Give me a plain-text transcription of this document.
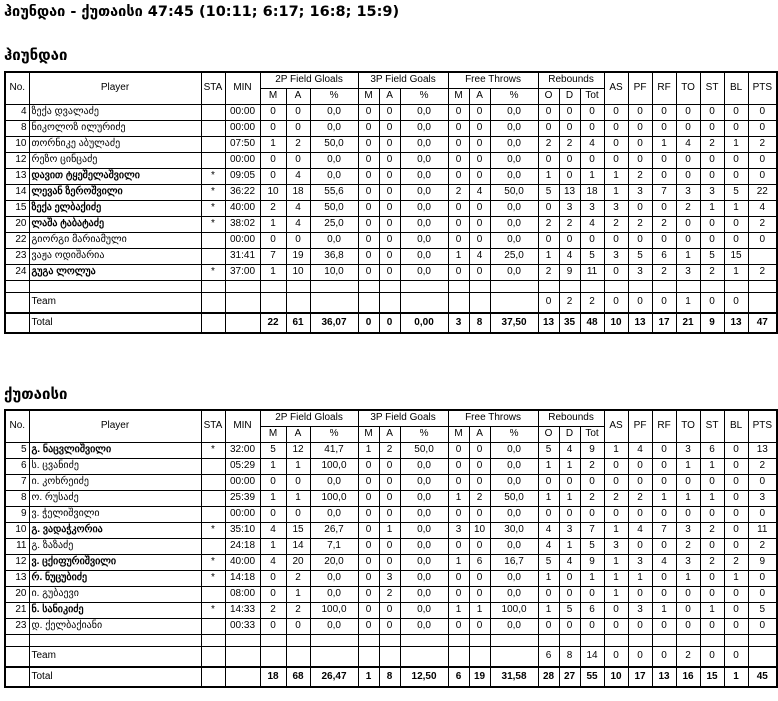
ჰიუნდაი - ქუთაისი 47:45 (10:11; 6:17; 16:8; 15:9)
ჰიუნდაი
No.	Player	STA	MIN	2P Field Gloals			3P Field Goals			Free Throws			Rebounds			AS	PF	RF	TO	ST	BL	PTS
				M	A	%	M	A	%	M	A	%	O	D	Tot							
4	ზექა დვალაძე		00:00	0	0	0,0	0	0	0,0	0	0	0,0	0	0	0	0	0	0	0	0	0	0
8	ნიკოლოზ ილურიძე		00:00	0	0	0,0	0	0	0,0	0	0	0,0	0	0	0	0	0	0	0	0	0	0
10	თორნიკე აბულაძე		07:50	1	2	50,0	0	0	0,0	0	0	0,0	2	2	4	0	0	1	4	2	1	2
12	რეზო ცინცაძე		00:00	0	0	0,0	0	0	0,0	0	0	0,0	0	0	0	0	0	0	0	0	0	0
13	დავით ტყეშელაშვილი	*	09:05	0	4	0,0	0	0	0,0	0	0	0,0	1	0	1	1	2	0	0	0	0	0
14	ლევან ზეროშვილი	*	36:22	10	18	55,6	0	0	0,0	2	4	50,0	5	13	18	1	3	7	3	3	5	22
15	ზექა ელბაქიძე	*	40:00	2	4	50,0	0	0	0,0	0	0	0,0	0	3	3	3	0	0	2	1	1	4
20	ლაშა ტაბატაძე	*	38:02	1	4	25,0	0	0	0,0	0	0	0,0	2	2	4	2	2	2	0	0	0	2
22	გიორგი მარიამული		00:00	0	0	0,0	0	0	0,0	0	0	0,0	0	0	0	0	0	0	0	0	0	0
23	ვაჟა ოდიშარია		31:41	7	19	36,8	0	0	0,0	1	4	25,0	1	4	5	3	5	6	1	5	15	
24	გუგა ლოლუა	*	37:00	1	10	10,0	0	0	0,0	0	0	0,0	2	9	11	0	3	2	3	2	1	2

	Team												0	2	2	0	0	0	1	0	0	
	Total			22	61	36,07	0	0	0,00	3	8	37,50	13	35	48	10	13	17	21	9	13	47
ქუთაისი
No.	Player	STA	MIN	2P Field Gloals			3P Field Goals			Free Throws			Rebounds			AS	PF	RF	TO	ST	BL	PTS
				M	A	%	M	A	%	M	A	%	O	D	Tot							
5	გ. ნაცვლიშვილი	*	32:00	5	12	41,7	1	2	50,0	0	0	0,0	5	4	9	1	4	0	3	6	0	13
6	ს. ცვანიძე		05:29	1	1	100,0	0	0	0,0	0	0	0,0	1	1	2	0	0	0	1	1	0	2
7	ი. კოხრეიძე		00:00	0	0	0,0	0	0	0,0	0	0	0,0	0	0	0	0	0	0	0	0	0	0
8	ო. რუსაძე		25:39	1	1	100,0	0	0	0,0	1	2	50,0	1	1	2	2	2	1	1	1	0	3
9	ვ. ჭელიშვილი		00:00	0	0	0,0	0	0	0,0	0	0	0,0	0	0	0	0	0	0	0	0	0	0
10	გ. ვადაჭკორია	*	35:10	4	15	26,7	0	1	0,0	3	10	30,0	4	3	7	1	4	7	3	2	0	11
11	გ. ზაზაძე		24:18	1	14	7,1	0	0	0,0	0	0	0,0	4	1	5	3	0	0	2	0	0	2
12	ვ. ცქიფურიშვილი	*	40:00	4	20	20,0	0	0	0,0	1	6	16,7	5	4	9	1	3	4	3	2	2	9
13	რ. ნუცუბიძე	*	14:18	0	2	0,0	0	3	0,0	0	0	0,0	1	0	1	1	1	0	1	0	1	0
20	ი. გუბაევი		08:00	0	1	0,0	0	2	0,0	0	0	0,0	0	0	0	1	0	0	0	0	0	0
21	ნ. სანიკიძე	*	14:33	2	2	100,0	0	0	0,0	1	1	100,0	1	5	6	0	3	1	0	1	0	5
23	დ. ქელბაქიანი		00:33	0	0	0,0	0	0	0,0	0	0	0,0	0	0	0	0	0	0	0	0	0	0

	Team												6	8	14	0	0	0	2	0	0	
	Total			18	68	26,47	1	8	12,50	6	19	31,58	28	27	55	10	17	13	16	15	1	45
